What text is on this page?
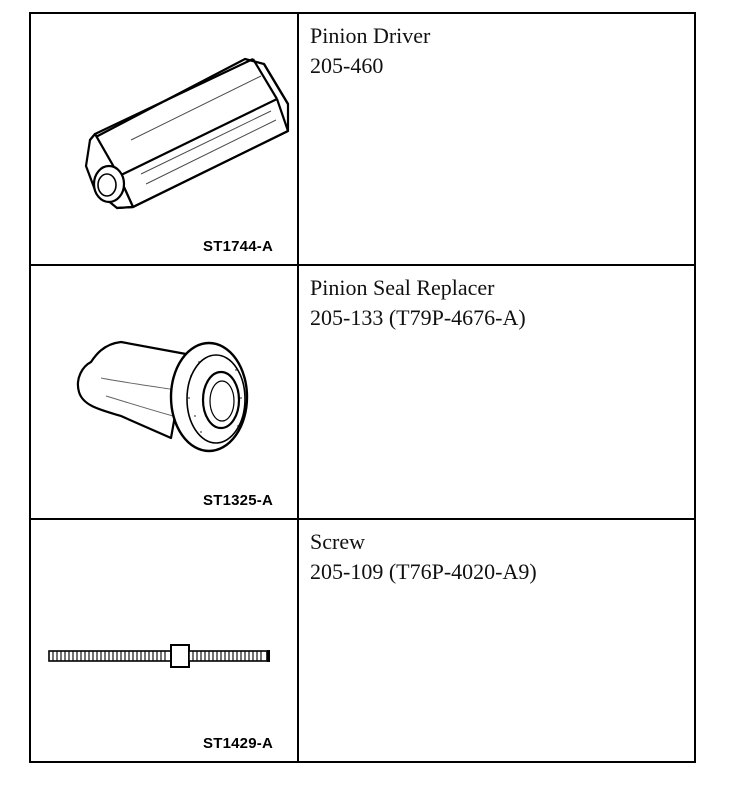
ST1744-A
Pinion Driver
205-460
ST1325-A
Pinion Seal Replacer
205-133 (T79P-4676-A)
ST1429-A
Screw
205-109 (T76P-4020-A9)
